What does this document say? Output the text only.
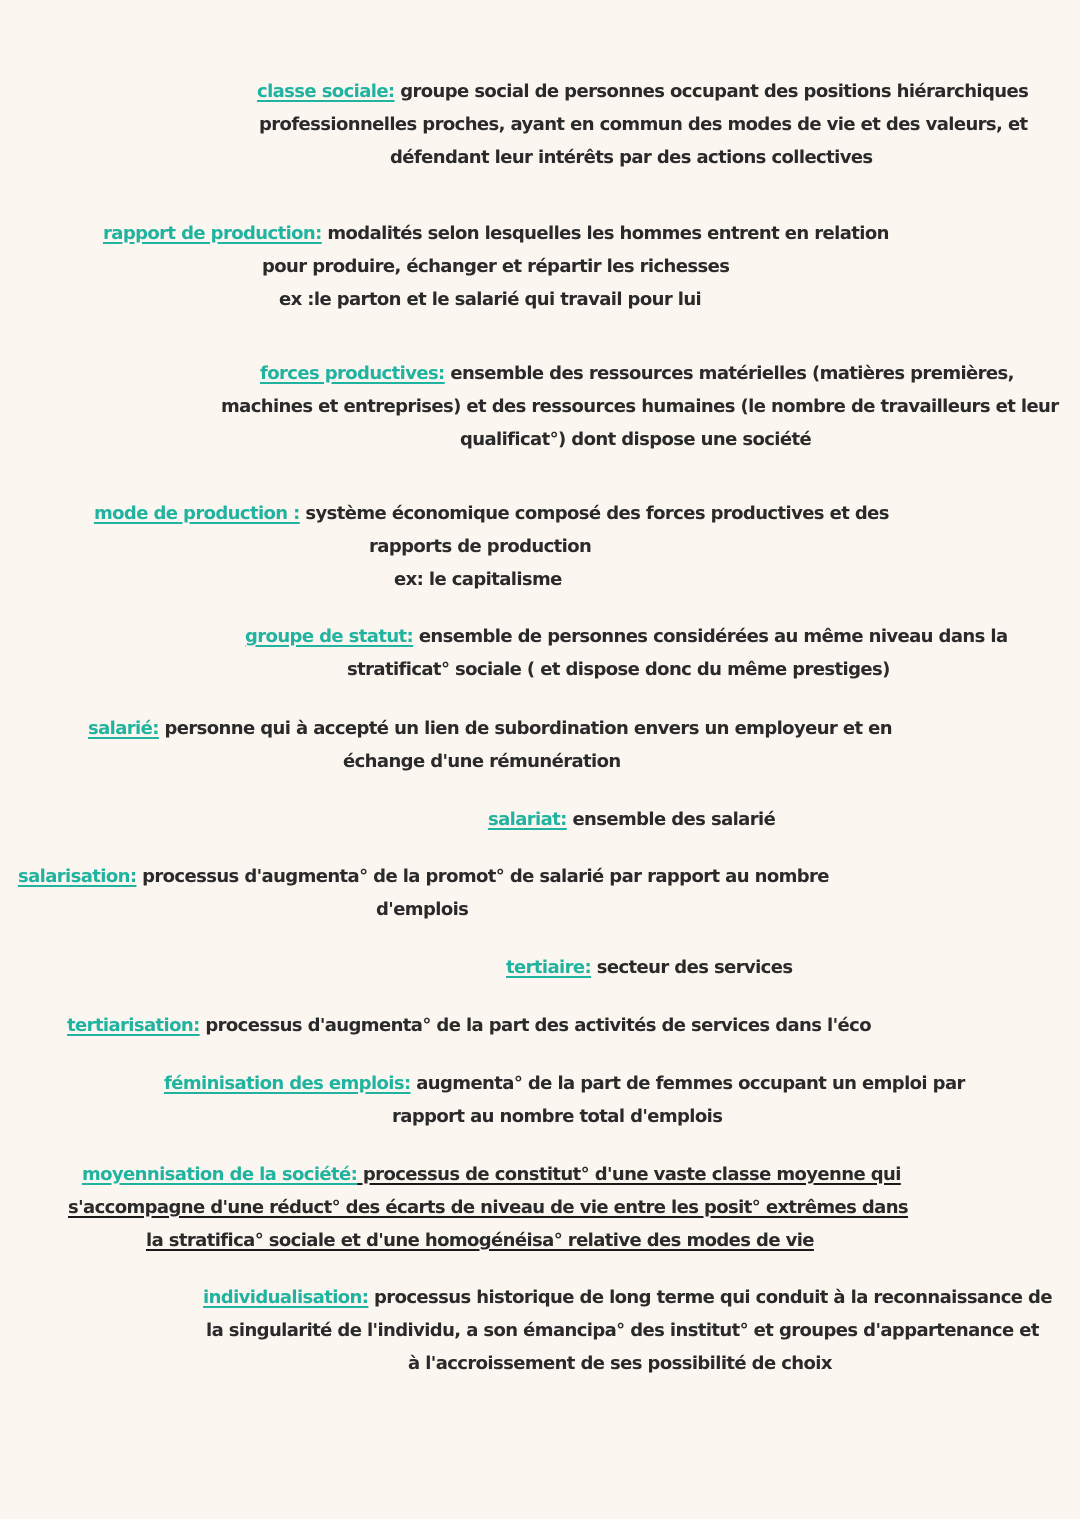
classe sociale: groupe social de personnes occupant des positions hiérarchiques
professionnelles proches, ayant en commun des modes de vie et des valeurs, et
défendant leur intérêts par des actions collectives
rapport de production: modalités selon lesquelles les hommes entrent en relation
pour produire, échanger et répartir les richesses
ex :le parton et le salarié qui travail pour lui
forces productives: ensemble des ressources matérielles (matières premières,
machines et entreprises) et des ressources humaines (le nombre de travailleurs et leur
qualificat°) dont dispose une société
mode de production : système économique composé des forces productives et des
rapports de production
ex: le capitalisme
groupe de statut: ensemble de personnes considérées au même niveau dans la
stratificat° sociale ( et dispose donc du même prestiges)
salarié: personne qui à accepté un lien de subordination envers un employeur et en
échange d'une rémunération
salariat: ensemble des salarié
salarisation: processus d'augmenta° de la promot° de salarié par rapport au nombre
d'emplois
tertiaire: secteur des services
tertiarisation: processus d'augmenta° de la part des activités de services dans l'éco
féminisation des emplois: augmenta° de la part de femmes occupant un emploi par
rapport au nombre total d'emplois
moyennisation de la société: processus de constitut° d'une vaste classe moyenne qui
s'accompagne d'une réduct° des écarts de niveau de vie entre les posit° extrêmes dans
la stratifica° sociale et d'une homogénéisa° relative des modes de vie
individualisation: processus historique de long terme qui conduit à la reconnaissance de
la singularité de l'individu, a son émancipa° des institut° et groupes d'appartenance et
à l'accroissement de ses possibilité de choix
